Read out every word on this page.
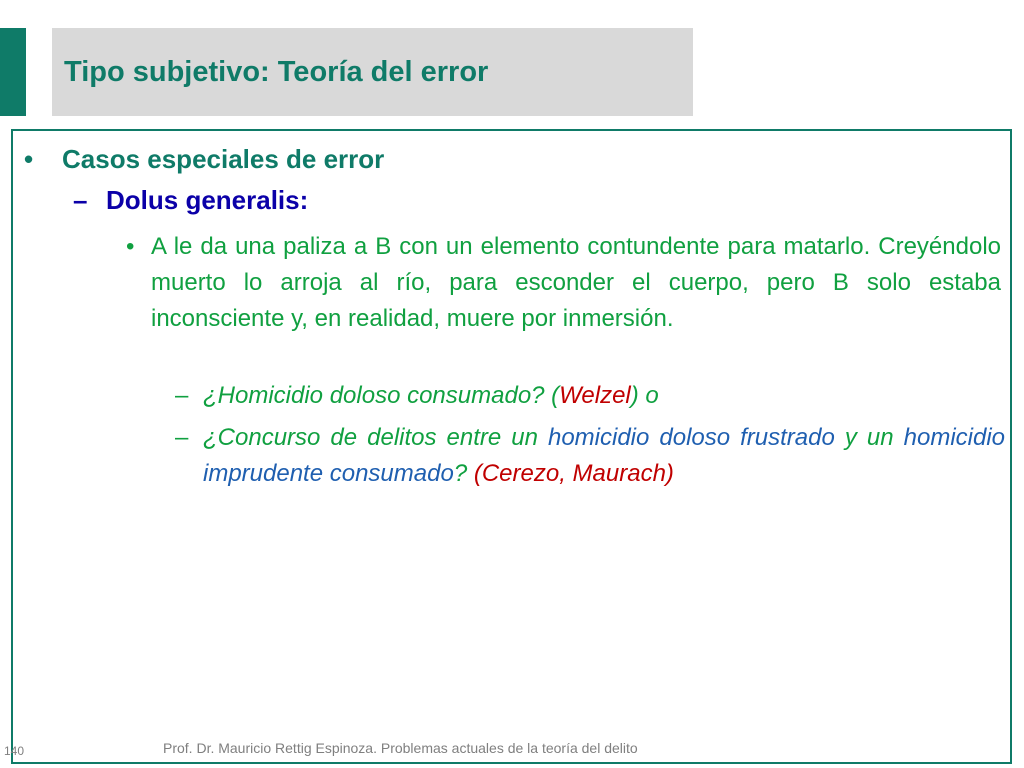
Tipo subjetivo: Teoría del error
• Casos especiales de error
– Dolus generalis:
• A le da una paliza a B con un elemento contundente para matarlo. Creyéndolo muerto lo arroja al río, para esconder el cuerpo, pero B solo estaba inconsciente y, en realidad, muere por inmersión.
– ¿Homicidio doloso consumado? (Welzel) o
– ¿Concurso de delitos entre un homicidio doloso frustrado y un homicidio imprudente consumado? (Cerezo, Maurach)
Prof. Dr. Mauricio Rettig Espinoza. Problemas actuales de la teoría del delito
140
